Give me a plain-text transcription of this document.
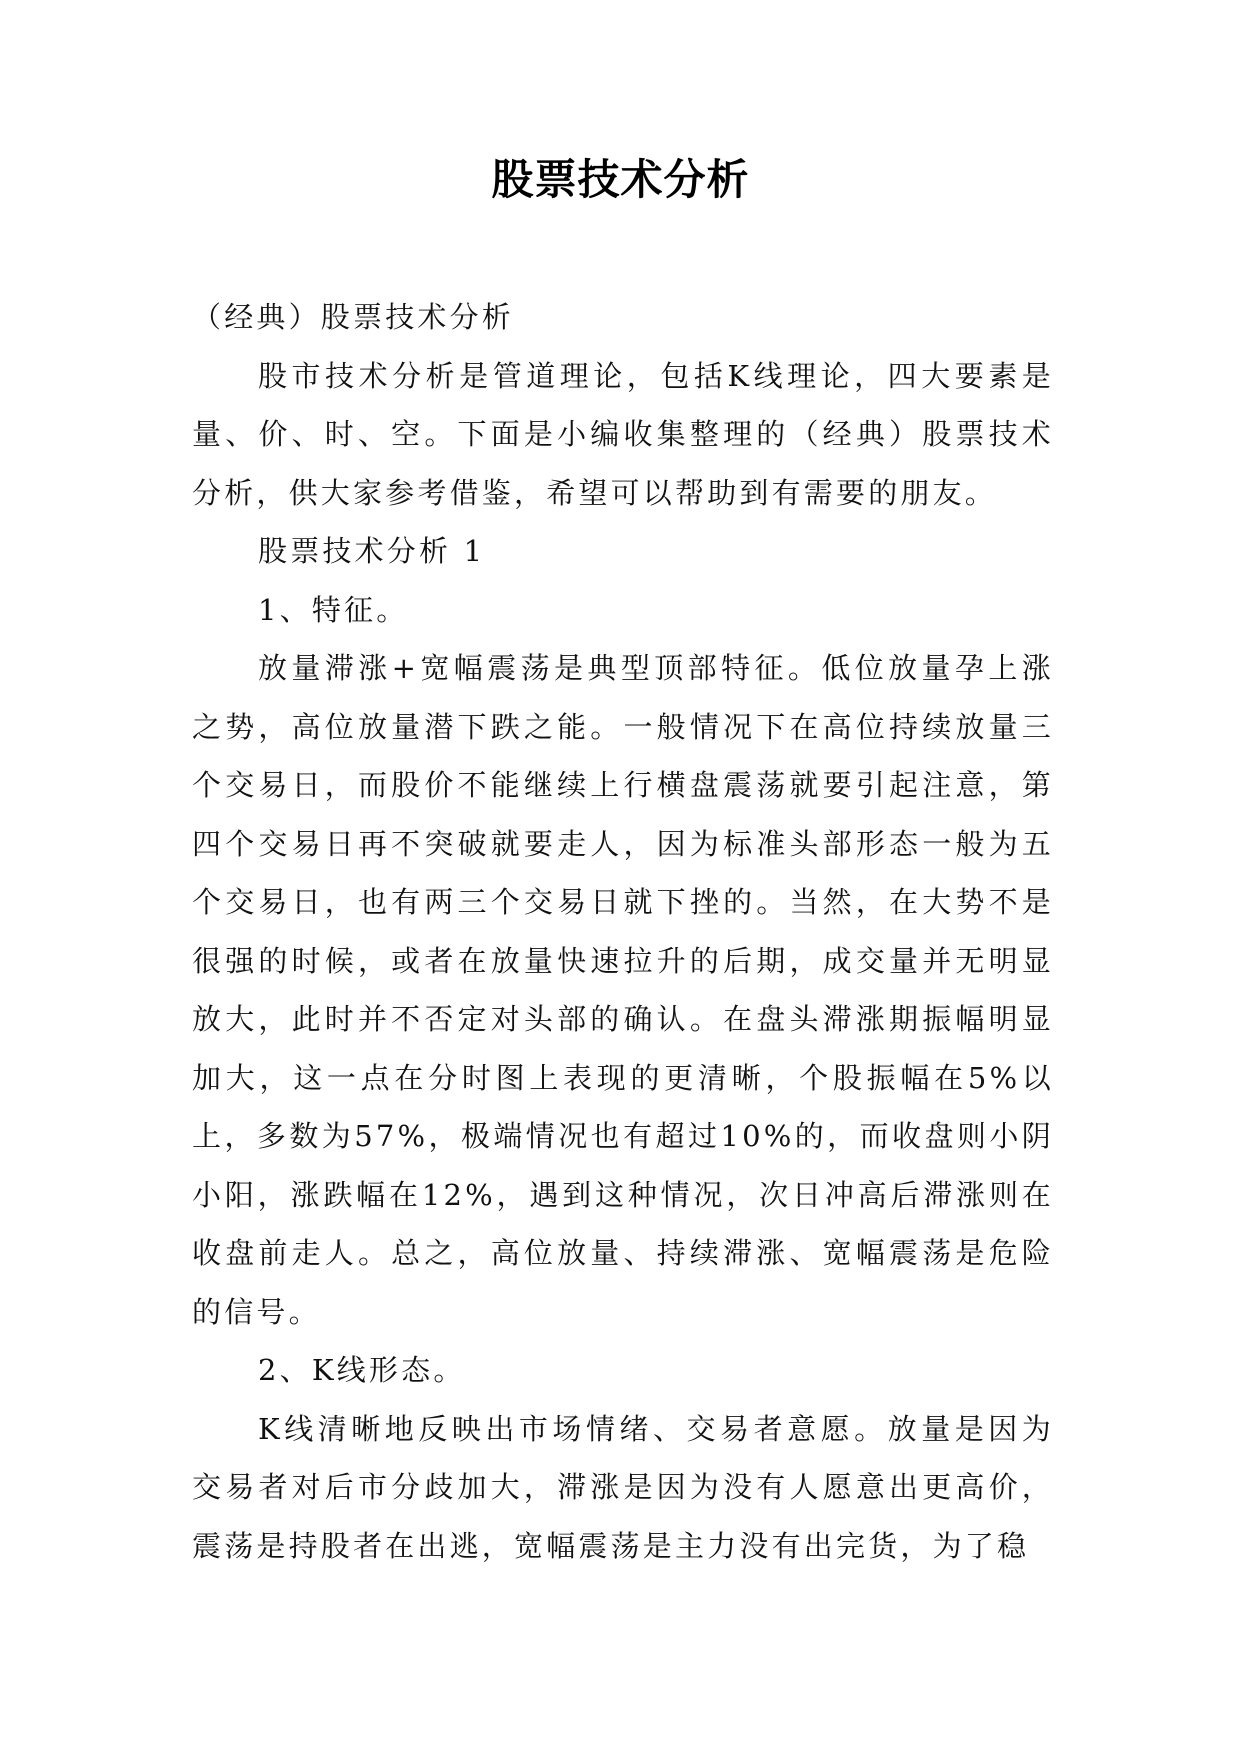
股票技术分析

（经典）股票技术分析

股市技术分析是管道理论，包括K线理论，四大要素是量、价、时、空。下面是小编收集整理的（经典）股票技术分析，供大家参考借鉴，希望可以帮助到有需要的朋友。

股票技术分析 1

1、特征。

放量滞涨+宽幅震荡是典型顶部特征。低位放量孕上涨之势，高位放量潜下跌之能。一般情况下在高位持续放量三个交易日，而股价不能继续上行横盘震荡就要引起注意，第四个交易日再不突破就要走人，因为标准头部形态一般为五个交易日，也有两三个交易日就下挫的。当然，在大势不是很强的时候，或者在放量快速拉升的后期，成交量并无明显放大，此时并不否定对头部的确认。在盘头滞涨期振幅明显加大，这一点在分时图上表现的更清晰，个股振幅在5%以上，多数为57%，极端情况也有超过10%的，而收盘则小阴小阳，涨跌幅在12%，遇到这种情况，次日冲高后滞涨则在收盘前走人。总之，高位放量、持续滞涨、宽幅震荡是危险的信号。

2、K线形态。

K线清晰地反映出市场情绪、交易者意愿。放量是因为交易者对后市分歧加大，滞涨是因为没有人愿意出更高价，震荡是持股者在出逃，宽幅震荡是主力没有出完货，为了稳
